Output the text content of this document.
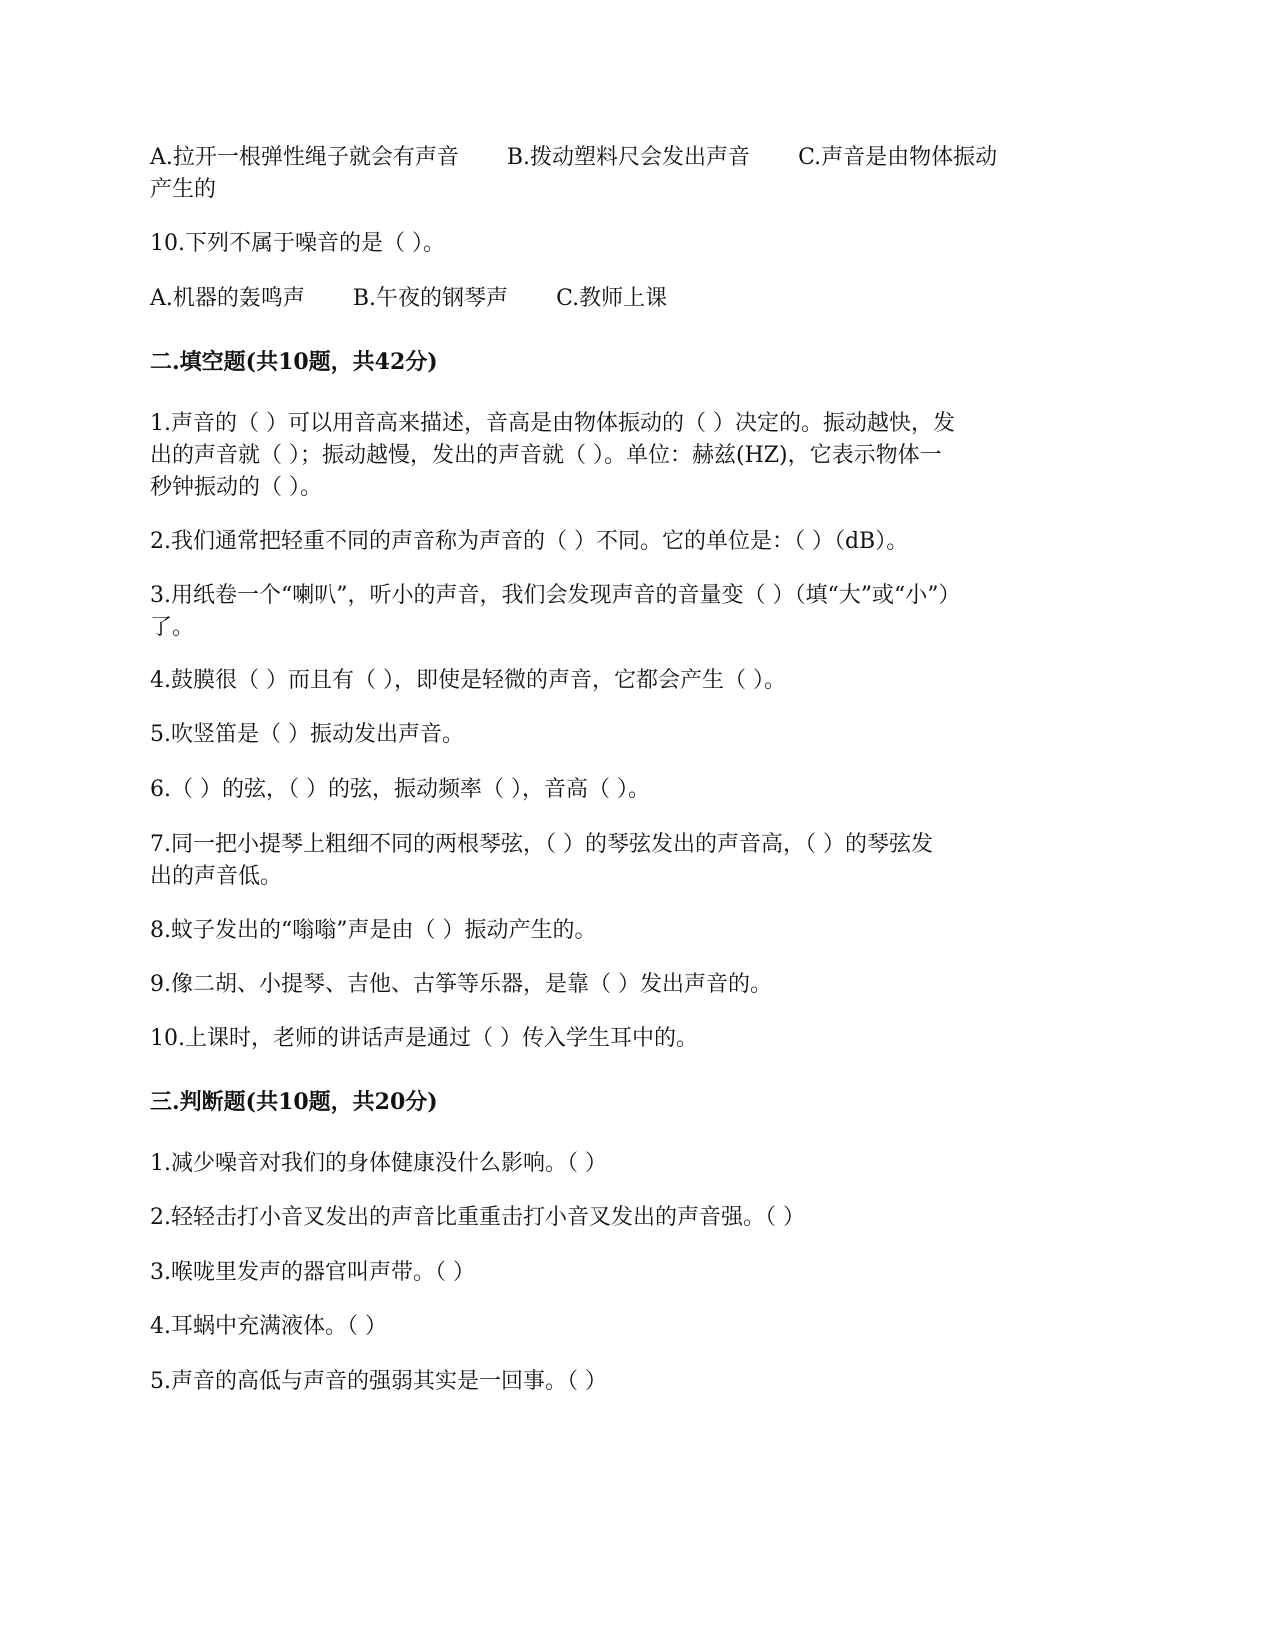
A.拉开一根弹性绳子就会有声音 B.拨动塑料尺会发出声音 C.声音是由物体振动

产生的

10.下列不属于噪音的是（ ）。

A.机器的轰鸣声 B.午夜的钢琴声 C.教师上课

二.填空题(共10题，共42分)

1.声音的（ ）可以用音高来描述，音高是由物体振动的（ ）决定的。振动越快，发

出的声音就（ ）；振动越慢，发出的声音就（ ）。单位：赫兹(HZ)，它表示物体一

秒钟振动的（ ）。

2.我们通常把轻重不同的声音称为声音的（ ）不同。它的单位是：（ ）（dB）。

3.用纸卷一个“喇叭”，听小的声音，我们会发现声音的音量变（ ）（填“大”或“小”）

了。

4.鼓膜很（ ）而且有（ ），即使是轻微的声音，它都会产生（ ）。

5.吹竖笛是（ ）振动发出声音。

6.（ ）的弦，（ ）的弦，振动频率（ ），音高（ ）。

7.同一把小提琴上粗细不同的两根琴弦，（ ）的琴弦发出的声音高，（ ）的琴弦发

出的声音低。

8.蚊子发出的“嗡嗡”声是由（ ）振动产生的。

9.像二胡、小提琴、吉他、古筝等乐器，是靠（ ）发出声音的。

10.上课时，老师的讲话声是通过（ ）传入学生耳中的。

三.判断题(共10题，共20分)

1.减少噪音对我们的身体健康没什么影响。（ ）

2.轻轻击打小音叉发出的声音比重重击打小音叉发出的声音强。（ ）

3.喉咙里发声的器官叫声带。（ ）

4.耳蜗中充满液体。（ ）

5.声音的高低与声音的强弱其实是一回事。（ ）
